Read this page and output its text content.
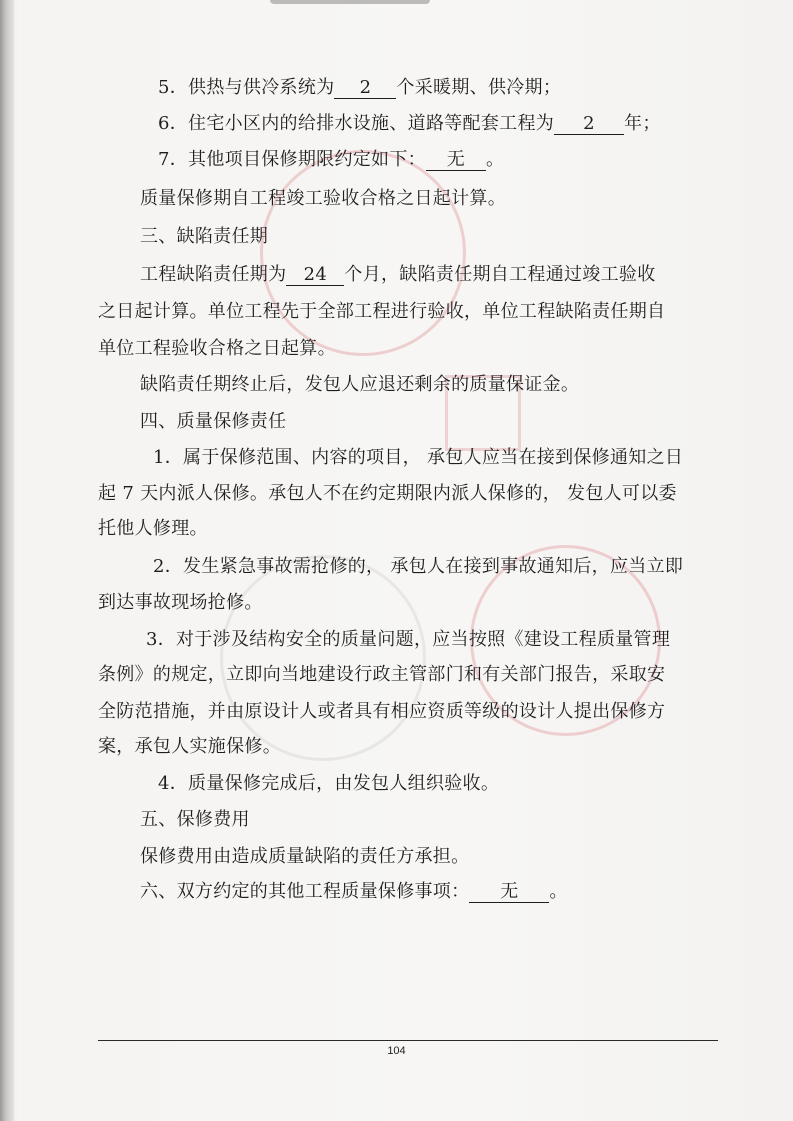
5．供热与供冷系统为 2 个采暖期、供冷期；
6．住宅小区内的给排水设施、道路等配套工程为 2 年；
7．其他项目保修期限约定如下： 无 。
质量保修期自工程竣工验收合格之日起计算。
三、缺陷责任期
工程缺陷责任期为 24 个月，缺陷责任期自工程通过竣工验收
之日起计算。单位工程先于全部工程进行验收，单位工程缺陷责任期自
单位工程验收合格之日起算。
缺陷责任期终止后，发包人应退还剩余的质量保证金。
四、质量保修责任
1．属于保修范围、内容的项目， 承包人应当在接到保修通知之日
起 7 天内派人保修。承包人不在约定期限内派人保修的， 发包人可以委
托他人修理。
2．发生紧急事故需抢修的， 承包人在接到事故通知后，应当立即
到达事故现场抢修。
3．对于涉及结构安全的质量问题，应当按照《建设工程质量管理
条例》的规定，立即向当地建设行政主管部门和有关部门报告，采取安
全防范措施，并由原设计人或者具有相应资质等级的设计人提出保修方
案，承包人实施保修。
4．质量保修完成后，由发包人组织验收。
五、保修费用
保修费用由造成质量缺陷的责任方承担。
六、双方约定的其他工程质量保修事项： 无 。
104
